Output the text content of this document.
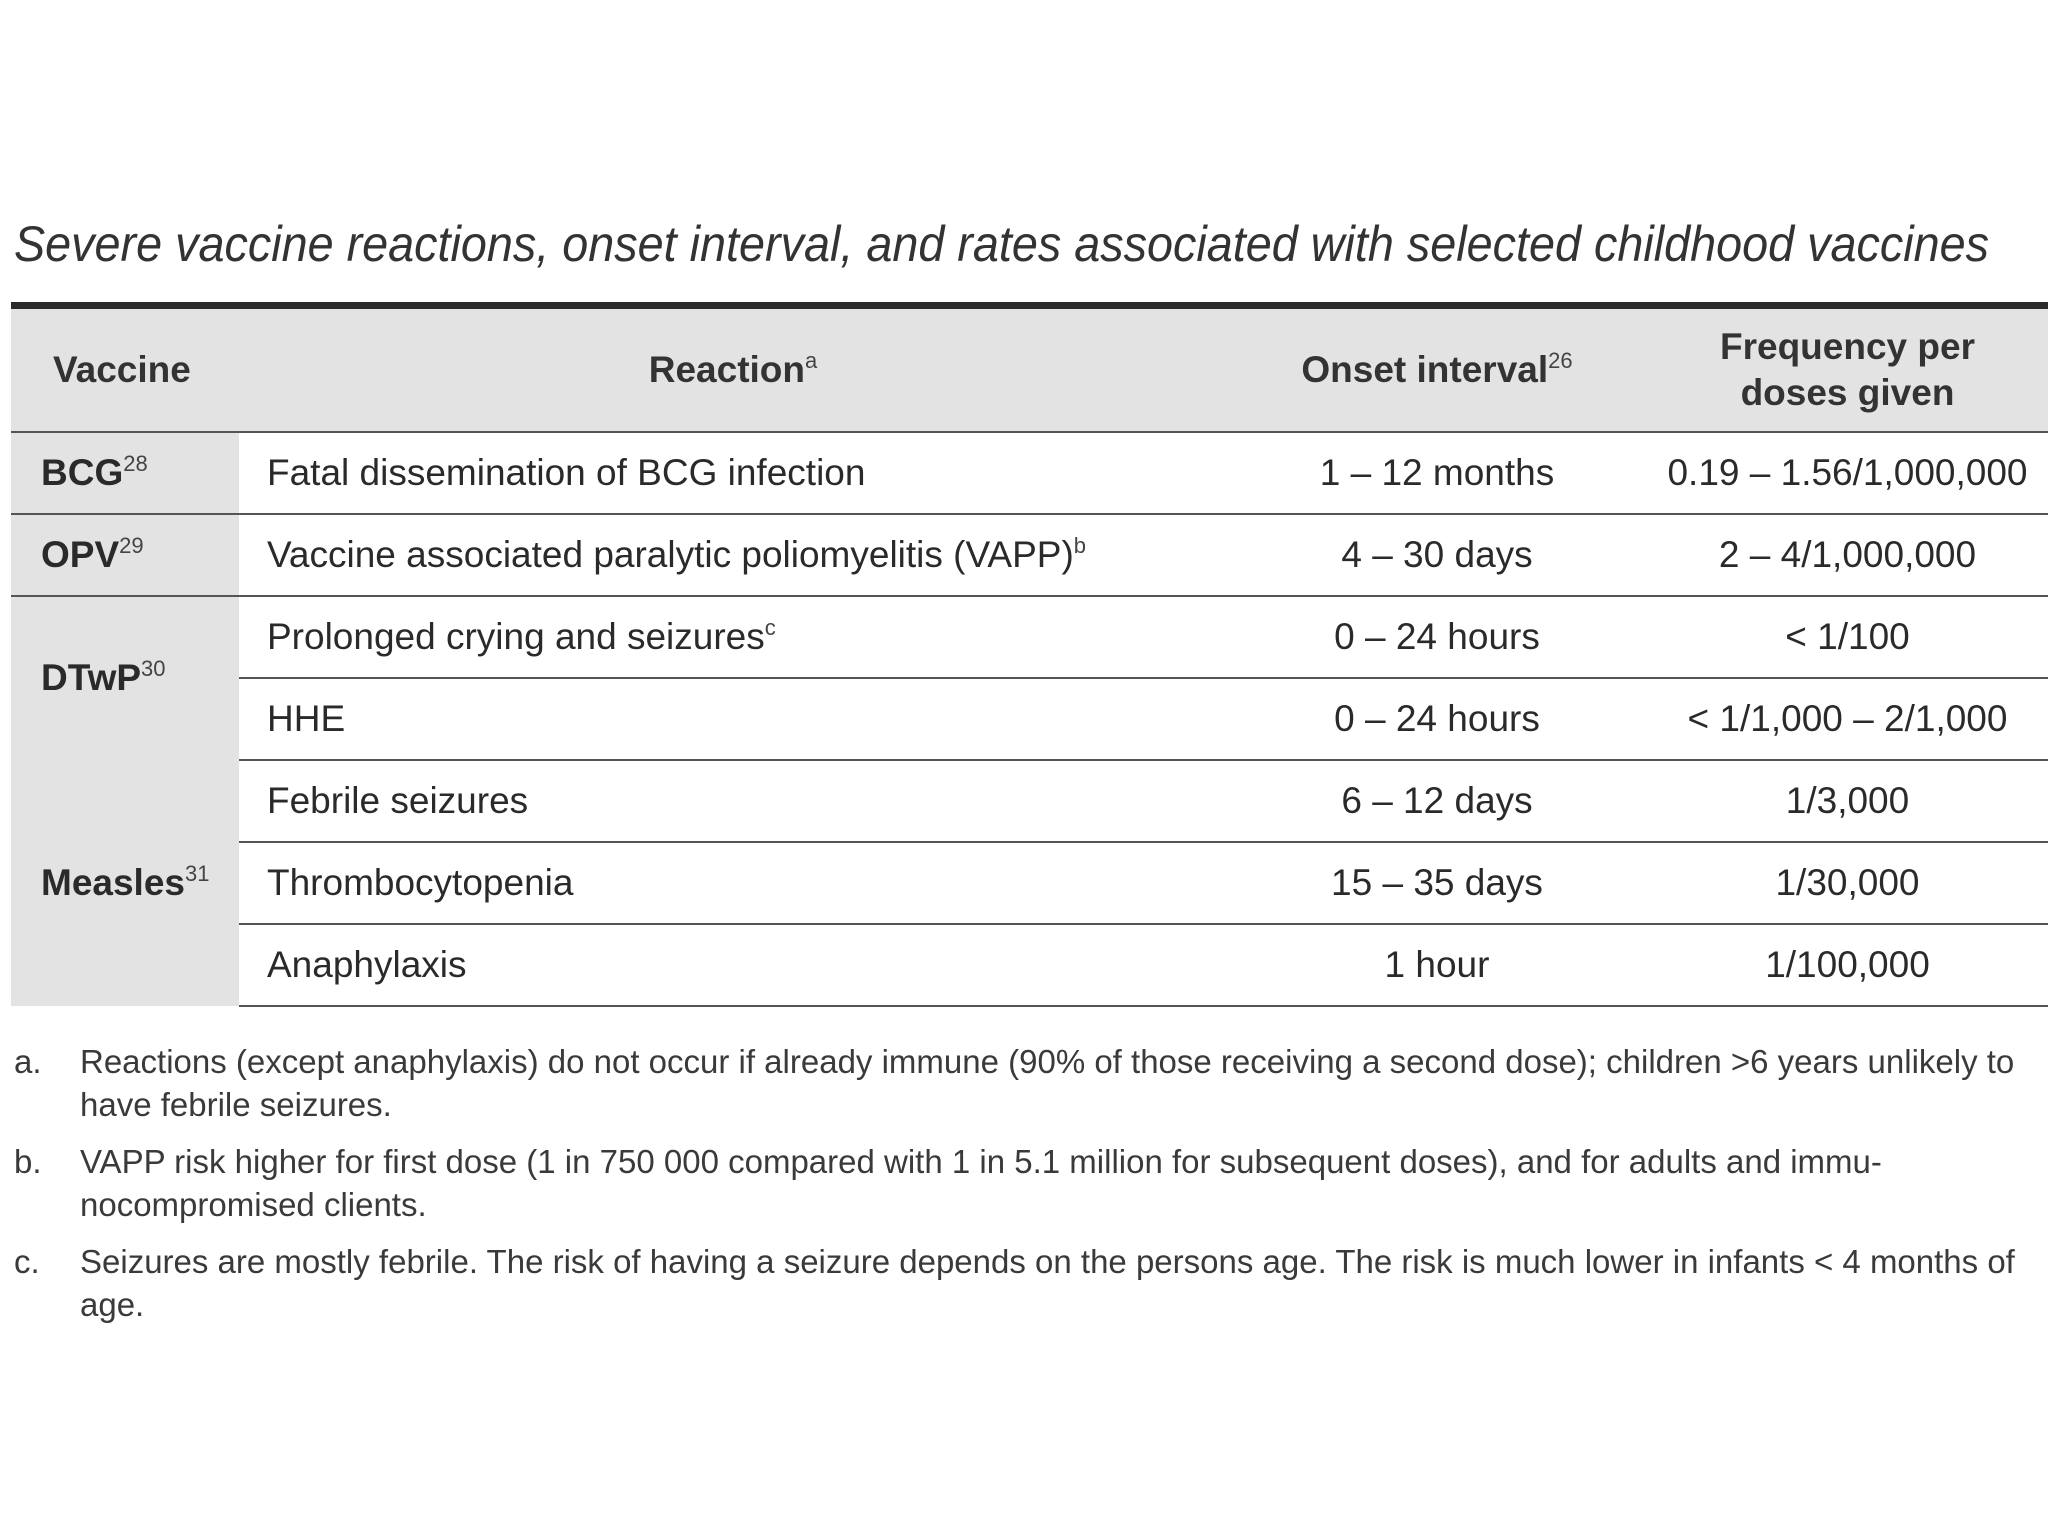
Severe vaccine reactions, onset interval, and rates associated with selected childhood vaccines
Vaccine	Reaction$^a$	Onset interval$^{26}$	Frequency per
doses given
BCG$^{28}$	Fatal dissemination of BCG infection	1 – 12 months	0.19 – 1.56/1,000,000
OPV$^{29}$	Vaccine associated paralytic poliomyelitis (VAPP)$^b$	4 – 30 days	2 – 4/1,000,000
DTwP$^{30}$	Prolonged crying and seizures$^c$	0 – 24 hours	< 1/100
	HHE	0 – 24 hours	< 1/1,000 – 2/1,000
Measles$^{31}$	Febrile seizures	6 – 12 days	1/3,000
	Thrombocytopenia	15 – 35 days	1/30,000
	Anaphylaxis	1 hour	1/100,000
a. Reactions (except anaphylaxis) do not occur if already immune (90% of those receiving a second dose); children >6 years unlikely to have febrile seizures.
b. VAPP risk higher for first dose (1 in 750 000 compared with 1 in 5.1 million for subsequent doses), and for adults and immu-nocompromised clients.
c. Seizures are mostly febrile. The risk of having a seizure depends on the persons age. The risk is much lower in infants < 4 months of age.
